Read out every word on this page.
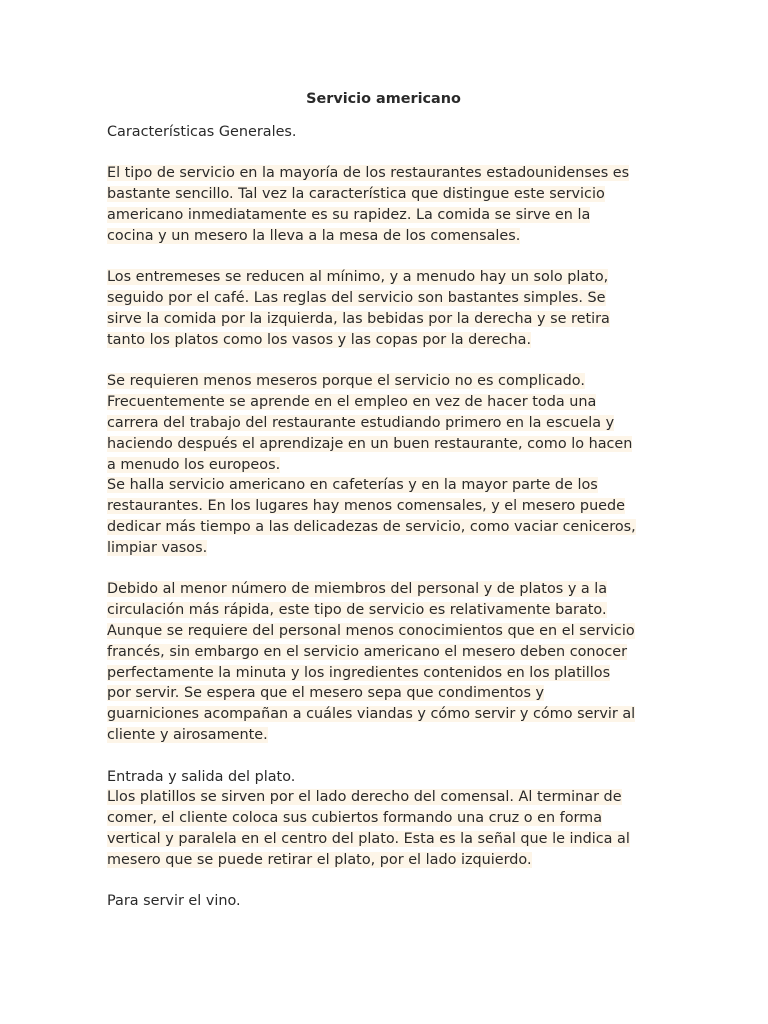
Servicio americano
Características Generales.
El tipo de servicio en la mayoría de los restaurantes estadounidenses es
bastante sencillo. Tal vez la característica que distingue este servicio
americano inmediatamente es su rapidez. La comida se sirve en la
cocina y un mesero la lleva a la mesa de los comensales.
Los entremeses se reducen al mínimo, y a menudo hay un solo plato,
seguido por el café. Las reglas del servicio son bastantes simples. Se
sirve la comida por la izquierda, las bebidas por la derecha y se retira
tanto los platos como los vasos y las copas por la derecha.
Se requieren menos meseros porque el servicio no es complicado.
Frecuentemente se aprende en el empleo en vez de hacer toda una
carrera del trabajo del restaurante estudiando primero en la escuela y
haciendo después el aprendizaje en un buen restaurante, como lo hacen
a menudo los europeos.
Se halla servicio americano en cafeterías y en la mayor parte de los
restaurantes. En los lugares hay menos comensales, y el mesero puede
dedicar más tiempo a las delicadezas de servicio, como vaciar ceniceros,
limpiar vasos.
Debido al menor número de miembros del personal y de platos y a la
circulación más rápida, este tipo de servicio es relativamente barato.
Aunque se requiere del personal menos conocimientos que en el servicio
francés, sin embargo en el servicio americano el mesero deben conocer
perfectamente la minuta y los ingredientes contenidos en los platillos
por servir. Se espera que el mesero sepa que condimentos y
guarniciones acompañan a cuáles viandas y cómo servir y cómo servir al
cliente y airosamente.
Entrada y salida del plato.
Llos platillos se sirven por el lado derecho del comensal. Al terminar de
comer, el cliente coloca sus cubiertos formando una cruz o en forma
vertical y paralela en el centro del plato. Esta es la señal que le indica al
mesero que se puede retirar el plato, por el lado izquierdo.
Para servir el vino.
